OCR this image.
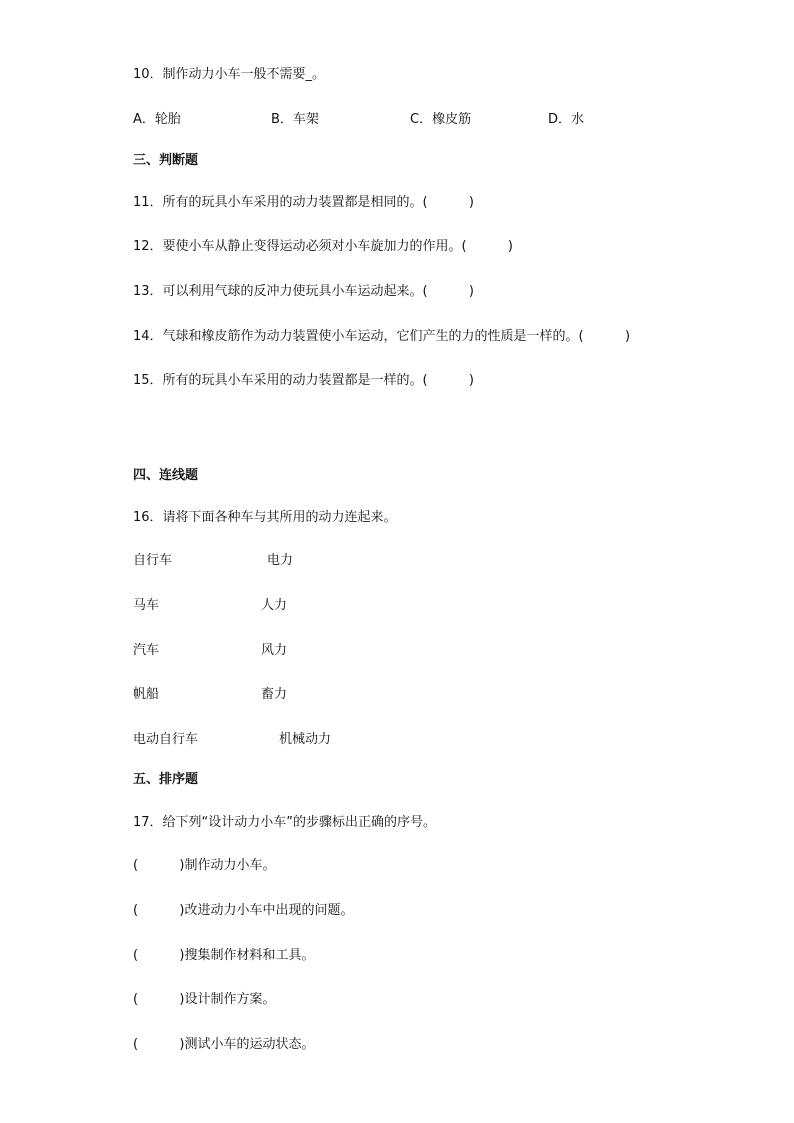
10．制作动力小车一般不需要_。

A．轮胎	B．车架	C．橡皮筋	D．水

三、判断题

11．所有的玩具小车采用的动力装置都是相同的。(          )

12．要使小车从静止变得运动必须对小车旋加力的作用。(          )

13．可以利用气球的反冲力使玩具小车运动起来。(          )

14．气球和橡皮筋作为动力装置使小车运动，它们产生的力的性质是一样的。(          )

15．所有的玩具小车采用的动力装置都是一样的。(          )

四、连线题

16．请将下面各种车与其所用的动力连起来。

自行车	电力
马车	人力
汽车	风力
帆船	畜力
电动自行车	机械动力

五、排序题

17．给下列“设计动力小车”的步骤标出正确的序号。

(          )制作动力小车。

(          )改进动力小车中出现的问题。

(          )搜集制作材料和工具。

(          )设计制作方案。

(          )测试小车的运动状态。
